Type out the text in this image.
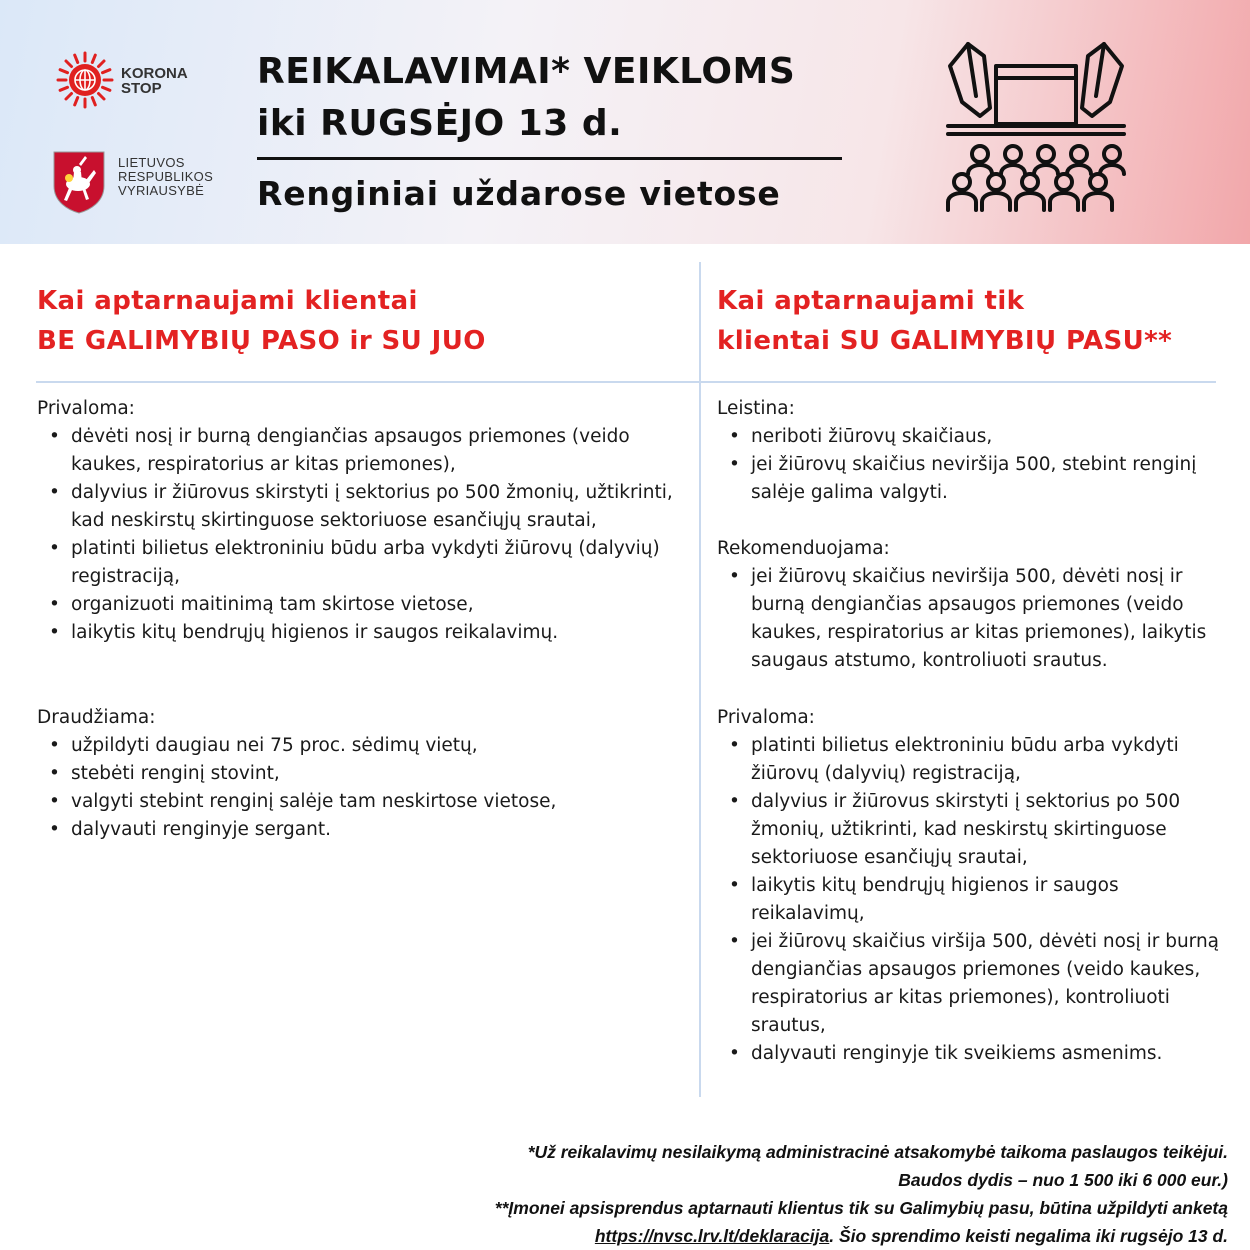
KORONA
STOP
LIETUVOS
RESPUBLIKOS
VYRIAUSYBĖ
REIKALAVIMAI* VEIKLOMS
iki RUGSĖJO 13 d.
Renginiai uždarose vietose
Kai aptarnaujami klientai
BE GALIMYBIŲ PASO ir SU JUO
Kai aptarnaujami tik
klientai SU GALIMYBIŲ PASU**
Privaloma:
• dėvėti nosį ir burną dengiančias apsaugos priemones (veido kaukes, respiratorius ar kitas priemones),
• dalyvius ir žiūrovus skirstyti į sektorius po 500 žmonių, užtikrinti, kad neskirstų skirtinguose sektoriuose esančiųjų srautai,
• platinti bilietus elektroniniu būdu arba vykdyti žiūrovų (dalyvių) registraciją,
• organizuoti maitinimą tam skirtose vietose,
• laikytis kitų bendrųjų higienos ir saugos reikalavimų.
Draudžiama:
• užpildyti daugiau nei 75 proc. sėdimų vietų,
• stebėti renginį stovint,
• valgyti stebint renginį salėje tam neskirtose vietose,
• dalyvauti renginyje sergant.
Leistina:
• neriboti žiūrovų skaičiaus,
• jei žiūrovų skaičius neviršija 500, stebint renginį salėje galima valgyti.
Rekomenduojama:
• jei žiūrovų skaičius neviršija 500, dėvėti nosį ir burną dengiančias apsaugos priemones (veido kaukes, respiratorius ar kitas priemones), laikytis saugaus atstumo, kontroliuoti srautus.
Privaloma:
• platinti bilietus elektroniniu būdu arba vykdyti žiūrovų (dalyvių) registraciją,
• dalyvius ir žiūrovus skirstyti į sektorius po 500 žmonių, užtikrinti, kad neskirstų skirtinguose sektoriuose esančiųjų srautai,
• laikytis kitų bendrųjų higienos ir saugos reikalavimų,
• jei žiūrovų skaičius viršija 500, dėvėti nosį ir burną dengiančias apsaugos priemones (veido kaukes, respiratorius ar kitas priemones), kontroliuoti srautus,
• dalyvauti renginyje tik sveikiems asmenims.
*Už reikalavimų nesilaikymą administracinė atsakomybė taikoma paslaugos teikėjui.
Baudos dydis – nuo 1 500 iki 6 000 eur.)
**Įmonei apsisprendus aptarnauti klientus tik su Galimybių pasu, būtina užpildyti anketą
https://nvsc.lrv.lt/deklaracija. Šio sprendimo keisti negalima iki rugsėjo 13 d.
